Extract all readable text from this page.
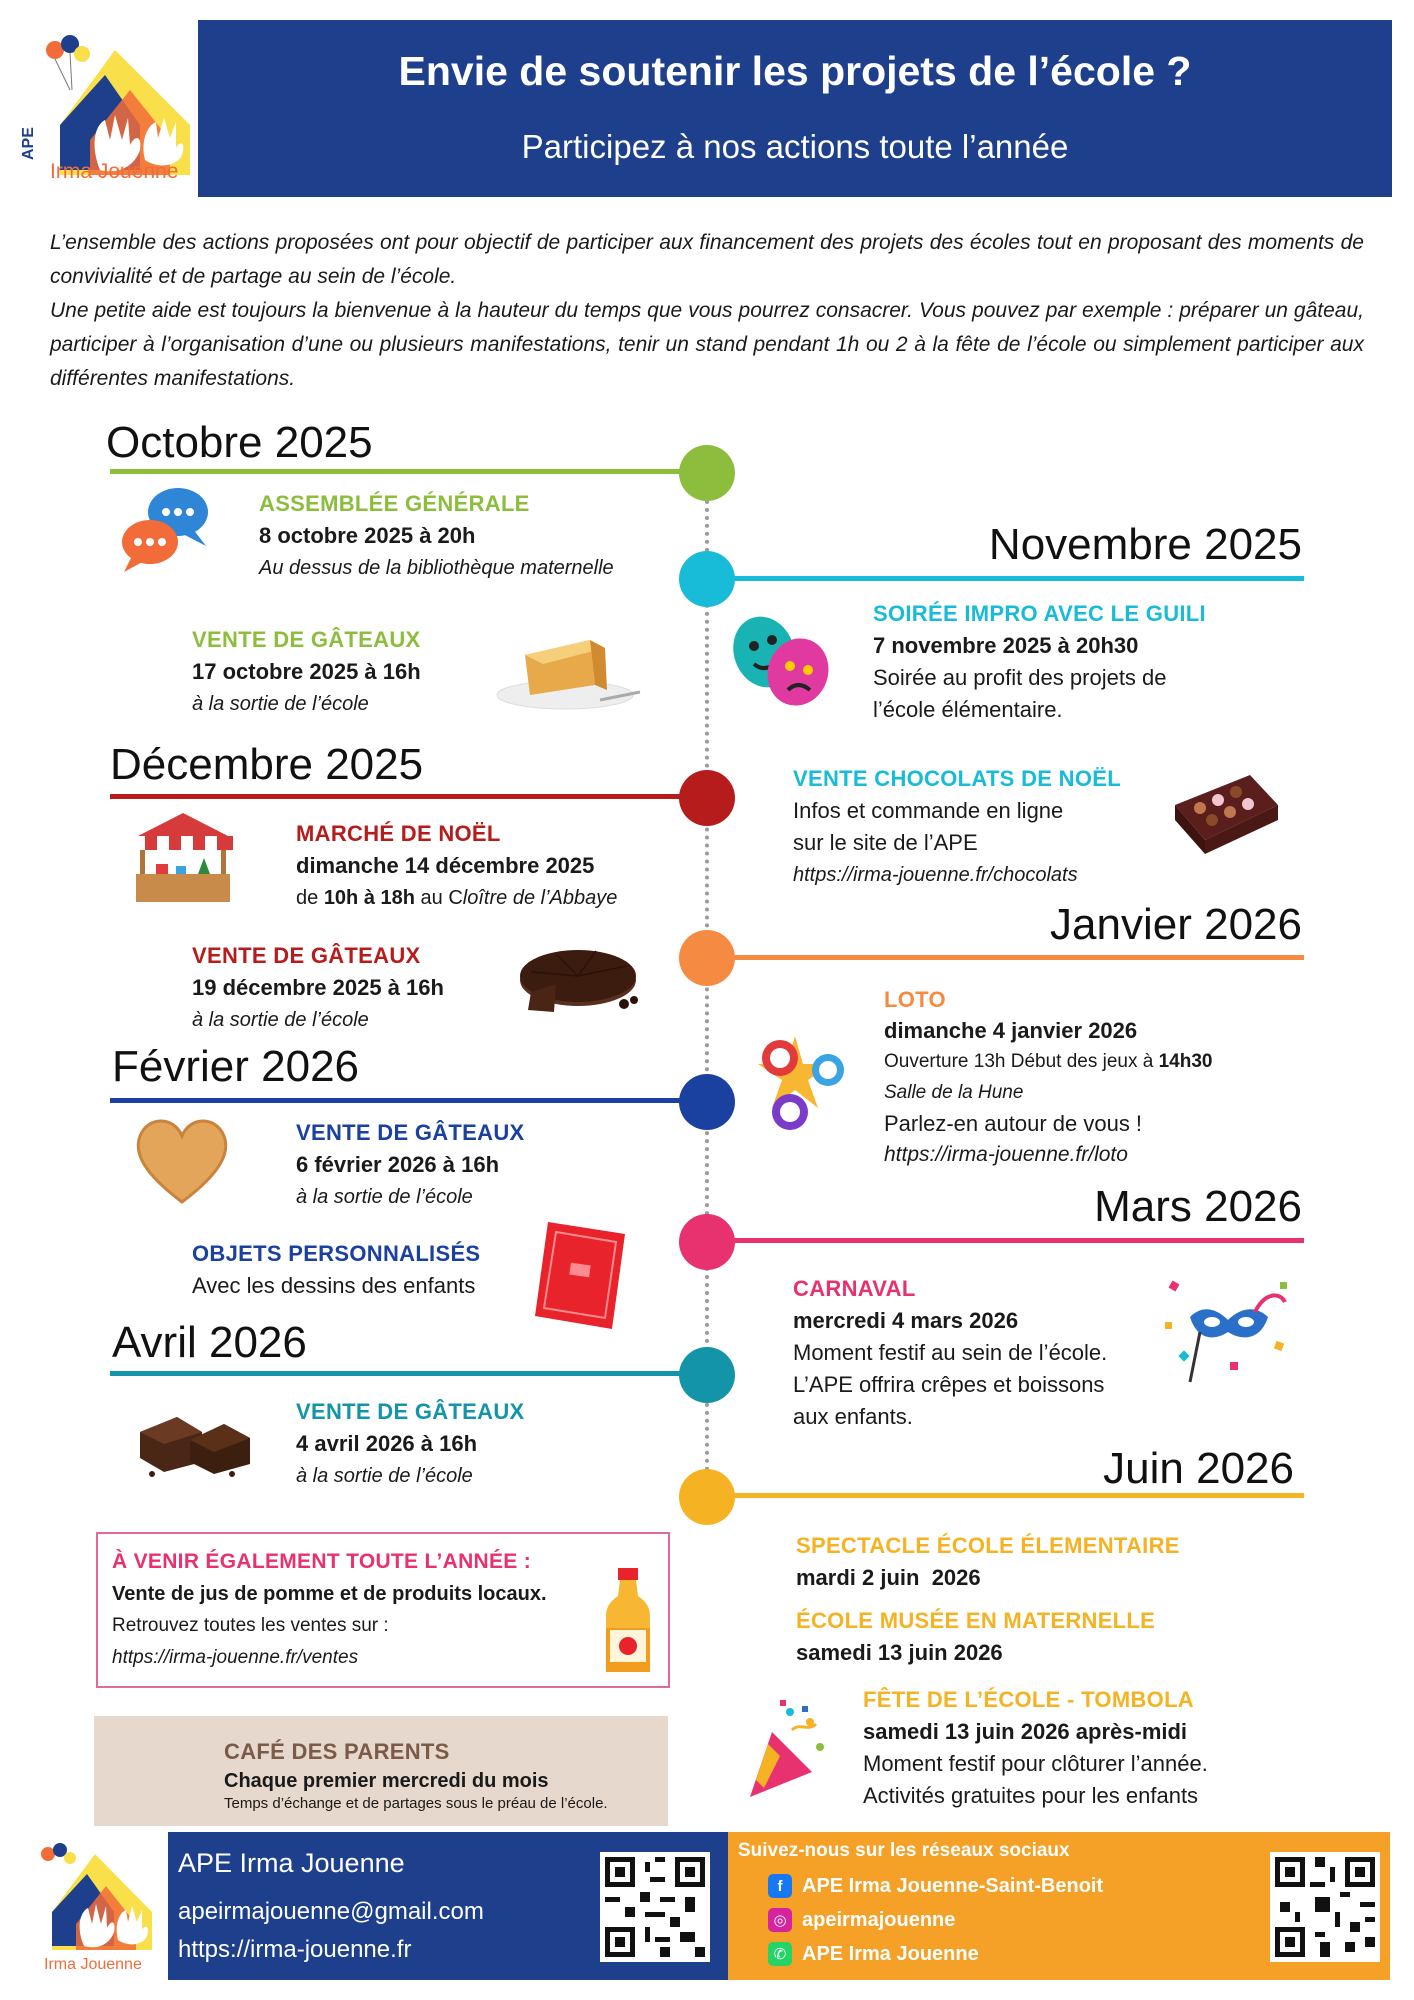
APE
Irma Jouenne
Envie de soutenir les projets de l’école ?
Participez à nos actions toute l’année

L’ensemble des actions proposées ont pour objectif de participer aux financement des projets des écoles tout en proposant des moments de convivialité et de partage au sein de l’école.

Une petite aide est toujours la bienvenue à la hauteur du temps que vous pourrez consacrer. Vous pouvez par exemple : préparer un gâteau, participer à l’organisation d’une ou plusieurs manifestations, tenir un stand pendant 1h ou 2 à la fête de l’école ou simplement participer aux différentes manifestations.

Octobre 2025
Novembre 2025
Décembre 2025
Janvier 2026
Février 2026
Mars 2026
Avril 2026
Juin 2026
ASSEMBLÉE GÉNÉRALE
8 octobre 2025 à 20h
Au dessus de la bibliothèque maternelle
VENTE DE GÂTEAUX
17 octobre 2025 à 16h
à la sortie de l’école
SOIRÉE IMPRO AVEC LE GUILI
7 novembre 2025 à 20h30
Soirée au profit des projets de
l’école élémentaire.
VENTE CHOCOLATS DE NOËL
Infos et commande en ligne
sur le site de l’APE
https://irma-jouenne.fr/chocolats
MARCHÉ DE NOËL
dimanche 14 décembre 2025
de 10h à 18h au Cloître de l’Abbaye
VENTE DE GÂTEAUX
19 décembre 2025 à 16h
à la sortie de l’école
LOTO
dimanche 4 janvier 2026
Ouverture 13h Début des jeux à 14h30
Salle de la Hune
Parlez-en autour de vous !
https://irma-jouenne.fr/loto
VENTE DE GÂTEAUX
6 février 2026 à 16h
à la sortie de l’école
OBJETS PERSONNALISÉS
Avec les dessins des enfants	CARNAVAL
mercredi 4 mars 2026
Moment festif au sein de l’école.
L’APE offrira crêpes et boissons
aux enfants.
VENTE DE GÂTEAUX
4 avril 2026 à 16h
à la sortie de l’école
SPECTACLE ÉCOLE ÉLEMENTAIRE
mardi 2 juin  2026
ÉCOLE MUSÉE EN MATERNELLE
samedi 13 juin 2026
FÊTE DE L’ÉCOLE - TOMBOLA
samedi 13 juin 2026 après-midi
Moment festif pour clôturer l’année.
Activités gratuites pour les enfants
À VENIR ÉGALEMENT TOUTE L’ANNÉE :
Vente de jus de pomme et de produits locaux.
Retrouvez toutes les ventes sur :
https://irma-jouenne.fr/ventes
CAFÉ DES PARENTS
Chaque premier mercredi du mois
Temps d’échange et de partages sous le préau de l’école.
Irma Jouenne
APE Irma Jouenne
apeirmajouenne@gmail.com
https://irma-jouenne.fr
Suivez-nous sur les réseaux sociaux
f APE Irma Jouenne-Saint-Benoit
◎ apeirmajouenne
✆ APE Irma Jouenne
